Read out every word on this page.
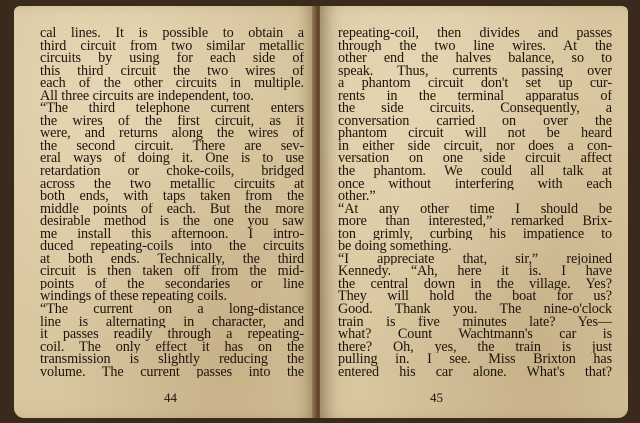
cal lines. It is possible to obtain a
third circuit from two similar metallic
circuits by using for each side of
this third circuit the two wires of
each of the other circuits in multiple.
All three circuits are independent, too.
“The third telephone current enters
the wires of the first circuit, as it
were, and returns along the wires of
the second circuit. There are sev-
eral ways of doing it. One is to use
retardation or choke-coils, bridged
across the two metallic circuits at
both ends, with taps taken from the
middle points of each. But the more
desirable method is the one you saw
me install this afternoon. I intro-
duced repeating-coils into the circuits
at both ends. Technically, the third
circuit is then taken off from the mid-
points of the secondaries or line
windings of these repeating coils.
“The current on a long-distance
line is alternating in character, and
it passes readily through a repeating-
coil. The only effect it has on the
transmission is slightly reducing the
volume. The current passes into the
44
repeating-coil, then divides and passes
through the two line wires. At the
other end the halves balance, so to
speak. Thus, currents passing over
a phantom circuit don't set up cur-
rents in the terminal apparatus of
the side circuits. Consequently, a
conversation carried on over the
phantom circuit will not be heard
in either side circuit, nor does a con-
versation on one side circuit affect
the phantom. We could all talk at
once without interfering with each
other.”
“At any other time I should be
more than interested,” remarked Brix-
ton grimly, curbing his impatience to
be doing something.
“I appreciate that, sir,” rejoined
Kennedy. “Ah, here it is. I have
the central down in the village. Yes?
They will hold the boat for us?
Good. Thank you. The nine-o'clock
train is five minutes late? Yes—
what? Count Wachtmann's car is
there? Oh, yes, the train is just
pulling in. I see. Miss Brixton has
entered his car alone. What's that?
45
